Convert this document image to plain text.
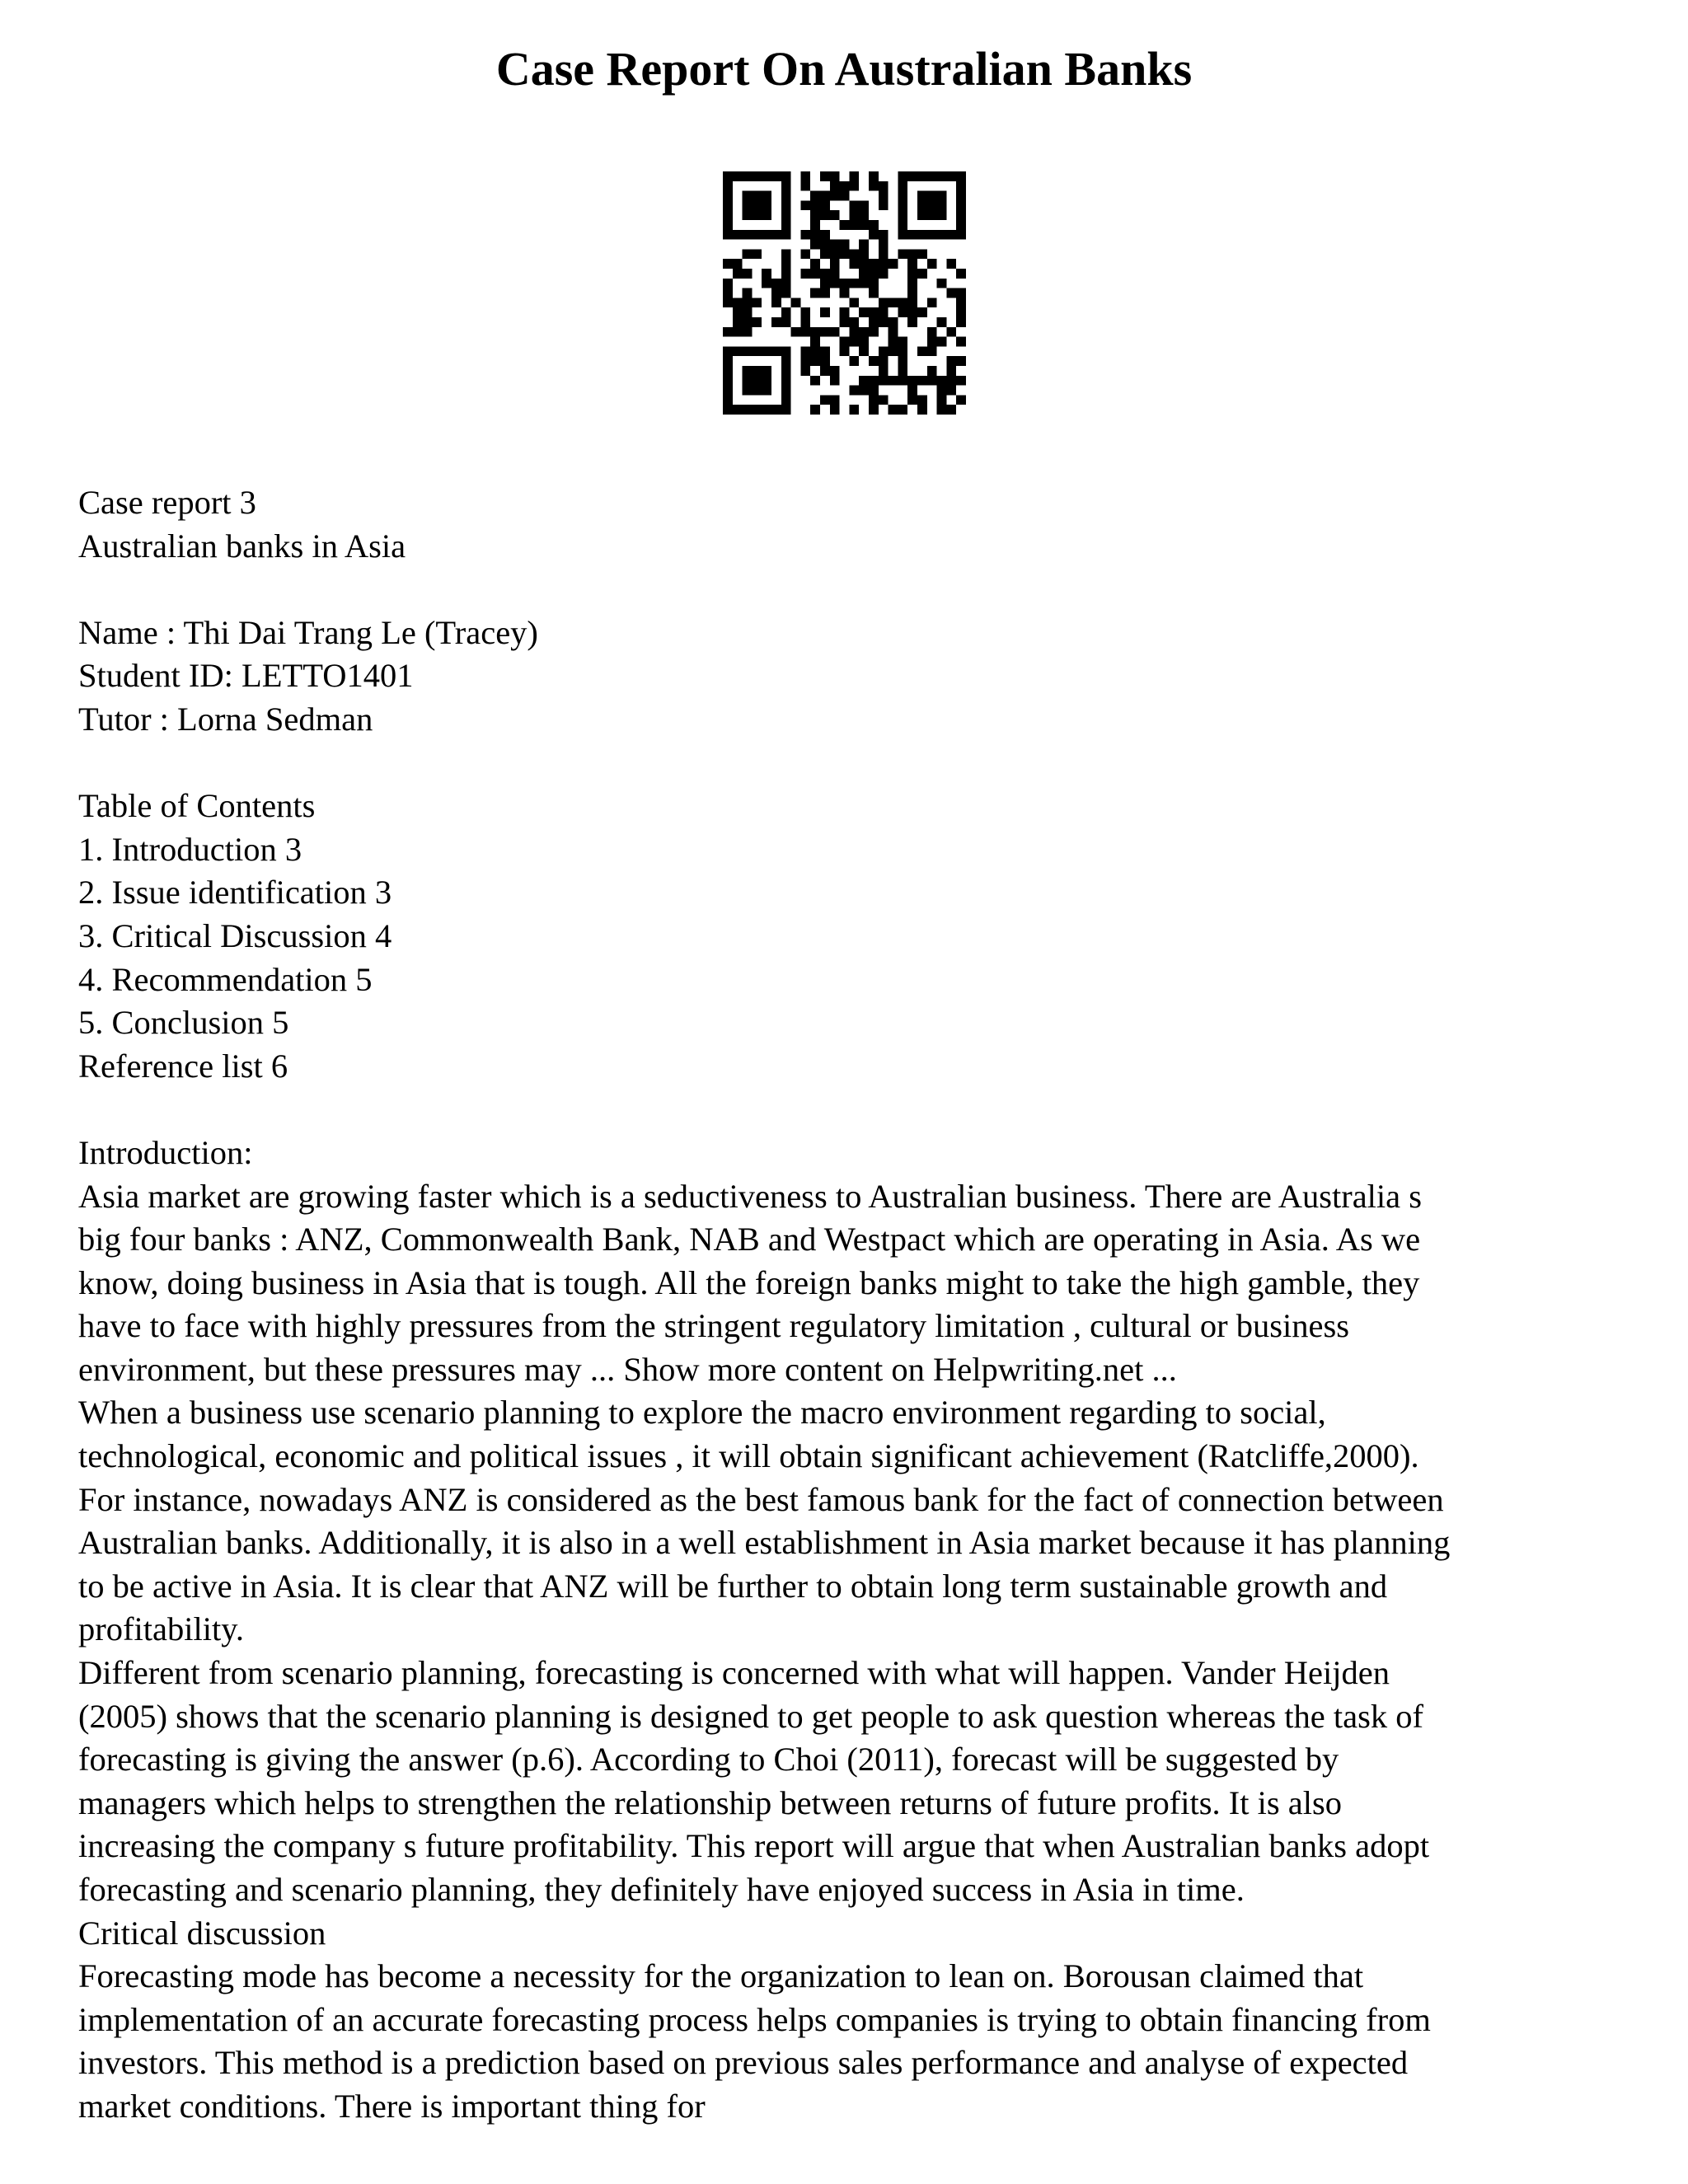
Case Report On Australian Banks
Case report 3
Australian banks in Asia
Name : Thi Dai Trang Le (Tracey)
Student ID: LETTO1401
Tutor : Lorna Sedman
Table of Contents
1. Introduction 3
2. Issue identification 3
3. Critical Discussion 4
4. Recommendation 5
5. Conclusion 5
Reference list 6
Introduction:
Asia market are growing faster which is a seductiveness to Australian business. There are Australia s
big four banks : ANZ, Commonwealth Bank, NAB and Westpact which are operating in Asia. As we
know, doing business in Asia that is tough. All the foreign banks might to take the high gamble, they
have to face with highly pressures from the stringent regulatory limitation , cultural or business
environment, but these pressures may ... Show more content on Helpwriting.net ...
When a business use scenario planning to explore the macro environment regarding to social,
technological, economic and political issues , it will obtain significant achievement (Ratcliffe,2000).
For instance, nowadays ANZ is considered as the best famous bank for the fact of connection between
Australian banks. Additionally, it is also in a well establishment in Asia market because it has planning
to be active in Asia. It is clear that ANZ will be further to obtain long term sustainable growth and
profitability.
Different from scenario planning, forecasting is concerned with what will happen. Vander Heijden
(2005) shows that the scenario planning is designed to get people to ask question whereas the task of
forecasting is giving the answer (p.6). According to Choi (2011), forecast will be suggested by
managers which helps to strengthen the relationship between returns of future profits. It is also
increasing the company s future profitability. This report will argue that when Australian banks adopt
forecasting and scenario planning, they definitely have enjoyed success in Asia in time.
Critical discussion
Forecasting mode has become a necessity for the organization to lean on. Borousan claimed that
implementation of an accurate forecasting process helps companies is trying to obtain financing from
investors. This method is a prediction based on previous sales performance and analyse of expected
market conditions. There is important thing for
